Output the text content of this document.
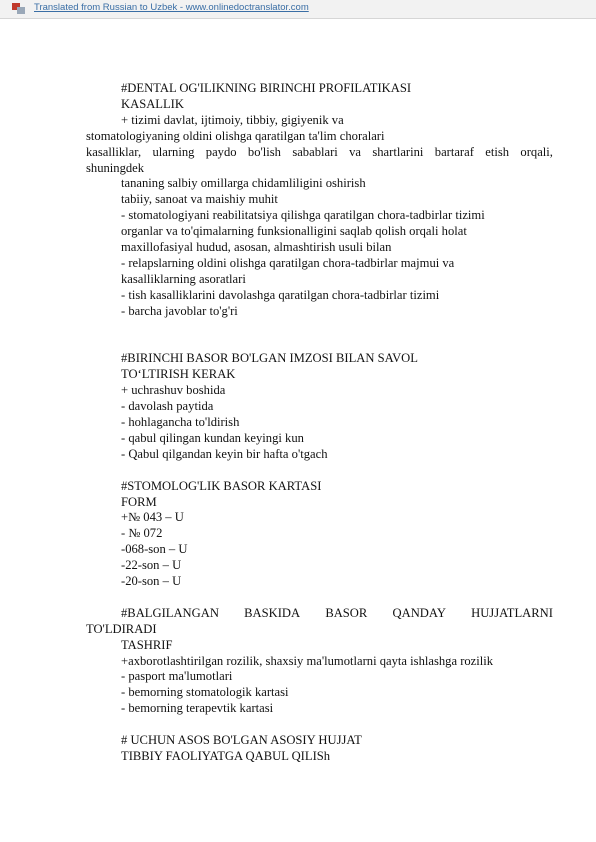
Translated from Russian to Uzbek - www.onlinedoctranslator.com
#DENTAL OG'ILIKNING BIRINCHI PROFILATIKASI
KASALLIK
+ tizimi davlat, ijtimoiy, tibbiy, gigiyenik va
stomatologiyaning oldini olishga qaratilgan ta'lim choralari
kasalliklar, ularning paydo bo'lish sabablari va shartlarini bartaraf etish orqali,
shuningdek
tananing salbiy omillarga chidamliligini oshirish
tabiiy, sanoat va maishiy muhit
- stomatologiyani reabilitatsiya qilishga qaratilgan chora-tadbirlar tizimi
organlar va to'qimalarning funksionalligini saqlab qolish orqali holat
maxillofasiyal hudud, asosan, almashtirish usuli bilan
- relapslarning oldini olishga qaratilgan chora-tadbirlar majmui va
kasalliklarning asoratlari
- tish kasalliklarini davolashga qaratilgan chora-tadbirlar tizimi
- barcha javoblar to'g'ri
#BIRINCHI BASOR BO'LGAN IMZOSI BILAN SAVOL
TO‘LTIRISH KERAK
+ uchrashuv boshida
- davolash paytida
- hohlagancha to'ldirish
- qabul qilingan kundan keyingi kun
- Qabul qilgandan keyin bir hafta o'tgach
#STOMOLOG'LIK BASOR KARTASI
FORM
+№ 043 – U
- № 072
-068-son – U
-22-son – U
-20-son – U
#BALGILANGAN BASKIDA BASOR QANDAY HUJJATLARNI
TO'LDIRADI
TASHRIF
+axborotlashtirilgan rozilik, shaxsiy ma'lumotlarni qayta ishlashga rozilik
- pasport ma'lumotlari
- bemorning stomatologik kartasi
- bemorning terapevtik kartasi
# UCHUN ASOS BO'LGAN ASOSIY HUJJAT
TIBBIY FAOLIYATGA QABUL QILISh
